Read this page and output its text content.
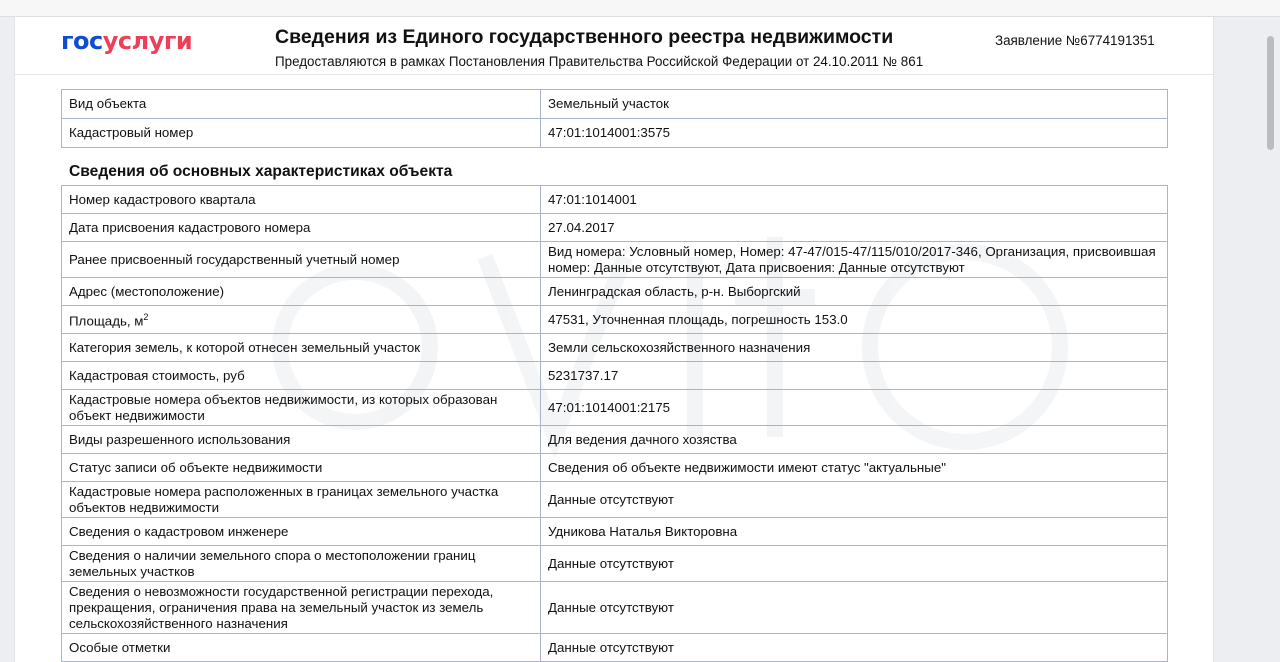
госуслуги	Сведения из Единого государственного реестра недвижимости
Предоставляются в рамках Постановления Правительства Российской Федерации от 24.10.2011 № 861
Заявление №6774191351
Вид объекта	Земельный участок
Кадастровый номер	47:01:1014001:3575
Сведения об основных характеристиках объекта
Номер кадастрового квартала	47:01:1014001
Дата присвоения кадастрового номера	27.04.2017
Ранее присвоенный государственный учетный номер	Вид номера: Условный номер, Номер: 47-47/015-47/115/010/2017-346, Организация, присвоившая номер: Данные отсутствуют, Дата присвоения: Данные отсутствуют
Адрес (местоположение)	Ленинградская область, р-н. Выборгский
Площадь, $м^2$	47531, Уточненная площадь, погрешность 153.0
Категория земель, к которой отнесен земельный участок	Земли сельскохозяйственного назначения
Кадастровая стоимость, руб	5231737.17
Кадастровые номера объектов недвижимости, из которых образован объект недвижимости	47:01:1014001:2175
Виды разрешенного использования	Для ведения дачного хозяства
Статус записи об объекте недвижимости	Сведения об объекте недвижимости имеют статус "актуальные"
Кадастровые номера расположенных в границах земельного участка объектов недвижимости	Данные отсутствуют
Сведения о кадастровом инженере	Удникова Наталья Викторовна
Сведения о наличии земельного спора о местоположении границ земельных участков	Данные отсутствуют
Сведения о невозможности государственной регистрации перехода, прекращения, ограничения права на земельный участок из земель сельскохозяйственного назначения	Данные отсутствуют
Особые отметки	Данные отсутствуют
